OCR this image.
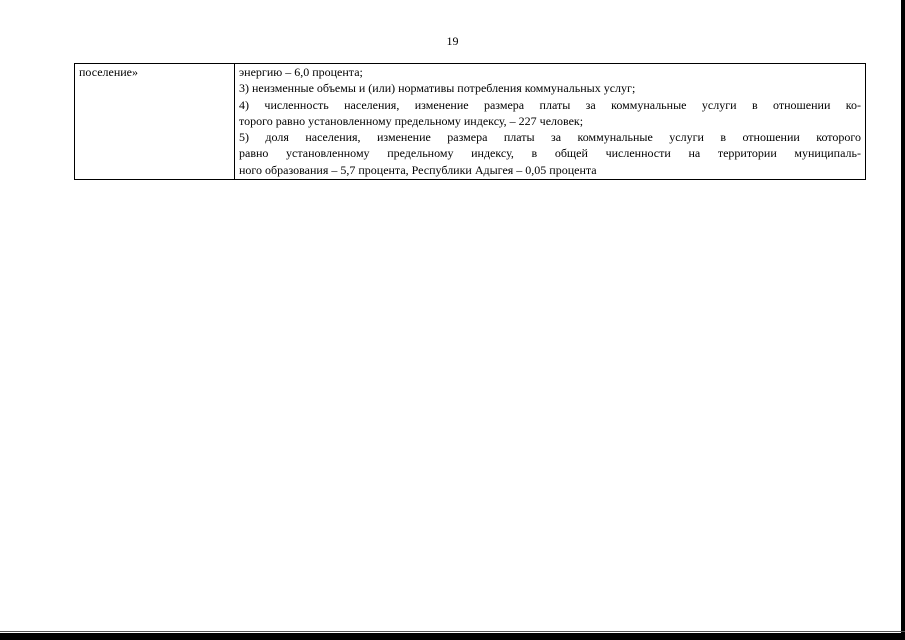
19
поселение»	энергию – 6,0 процента;
3) неизменные объемы и (или) нормативы потребления коммунальных услуг;
4) численность населения, изменение размера платы за коммунальные услуги в отношении ко-
торого равно установленному предельному индексу, – 227 человек;
5) доля населения, изменение размера платы за коммунальные услуги в отношении которого
равно установленному предельному индексу, в общей численности на территории муниципаль-
ного образования – 5,7 процента, Республики Адыгея – 0,05 процента
